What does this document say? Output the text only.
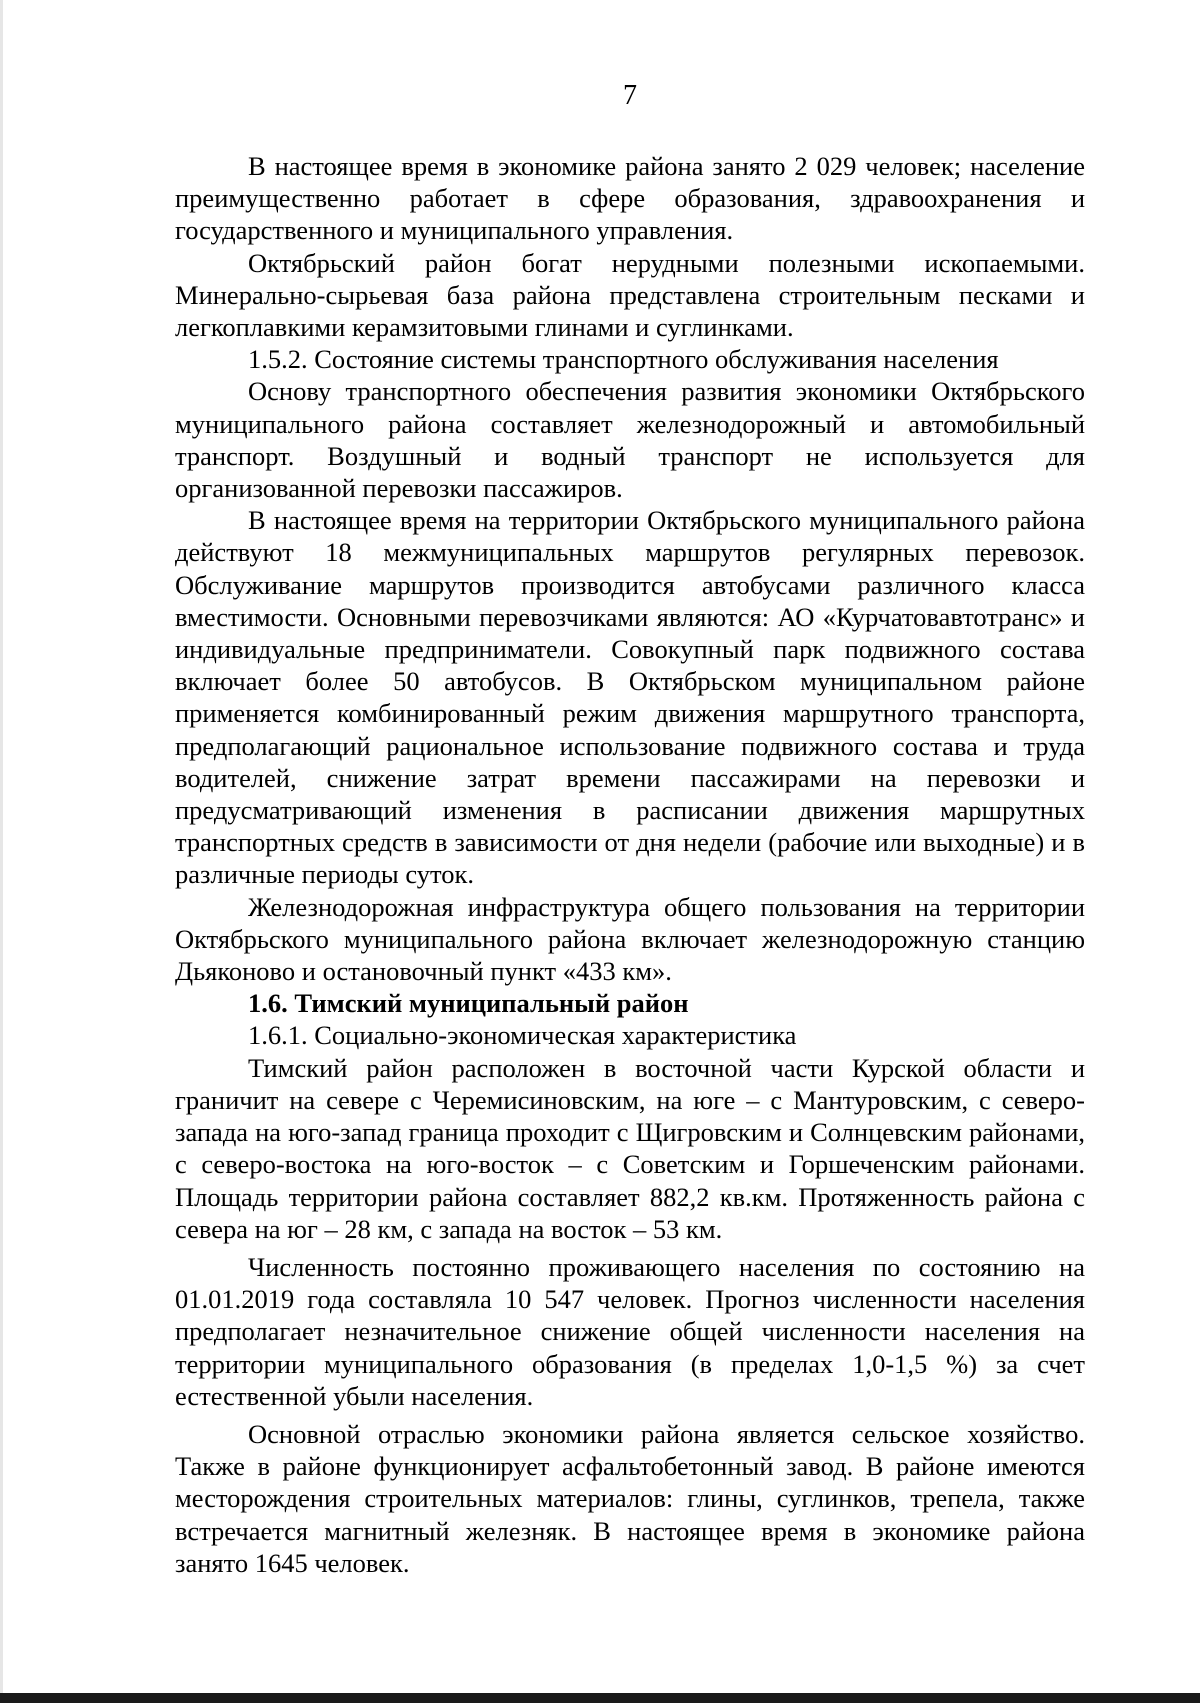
7

В настоящее время в экономике района занято 2 029 человек; население преимущественно работает в сфере образования, здравоохранения и государственного и муниципального управления.

Октябрьский район богат нерудными полезными ископаемыми. Минерально-сырьевая база района представлена строительным песками и легкоплавкими керамзитовыми глинами и суглинками.

1.5.2. Состояние системы транспортного обслуживания населения

Основу транспортного обеспечения развития экономики Октябрьского муниципального района составляет железнодорожный и автомобильный транспорт. Воздушный и водный транспорт не используется для организованной перевозки пассажиров.

В настоящее время на территории Октябрьского муниципального района действуют 18 межмуниципальных маршрутов регулярных перевозок. Обслуживание маршрутов производится автобусами различного класса вместимости. Основными перевозчиками являются: АО «Курчатовавтотранс» и индивидуальные предприниматели. Совокупный парк подвижного состава включает более 50 автобусов. В Октябрьском муниципальном районе применяется комбинированный режим движения маршрутного транспорта, предполагающий рациональное использование подвижного состава и труда водителей, снижение затрат времени пассажирами на перевозки и предусматривающий изменения в расписании движения маршрутных транспортных средств в зависимости от дня недели (рабочие или выходные) и в различные периоды суток.

Железнодорожная инфраструктура общего пользования на территории Октябрьского муниципального района включает железнодорожную станцию Дьяконово и остановочный пункт «433 км».

1.6. Тимский муниципальный район

1.6.1. Социально-экономическая характеристика

Тимский район расположен в восточной части Курской области и граничит на севере с Черемисиновским, на юге – с Мантуровским, с северо-запада на юго-запад граница проходит с Щигровским и Солнцевским районами, с северо-востока на юго-восток – с Советским и Горшеченским районами. Площадь территории района составляет 882,2 кв.км. Протяженность района с севера на юг – 28 км, с запада на восток – 53 км.

Численность постоянно проживающего населения по состоянию на 01.01.2019 года составляла 10 547 человек. Прогноз численности населения предполагает незначительное снижение общей численности населения на территории муниципального образования (в пределах 1,0-1,5 %) за счет естественной убыли населения.

Основной отраслью экономики района является сельское хозяйство. Также в районе функционирует асфальтобетонный завод. В районе имеются месторождения строительных материалов: глины, суглинков, трепела, также встречается магнитный железняк. В настоящее время в экономике района занято 1645 человек.
